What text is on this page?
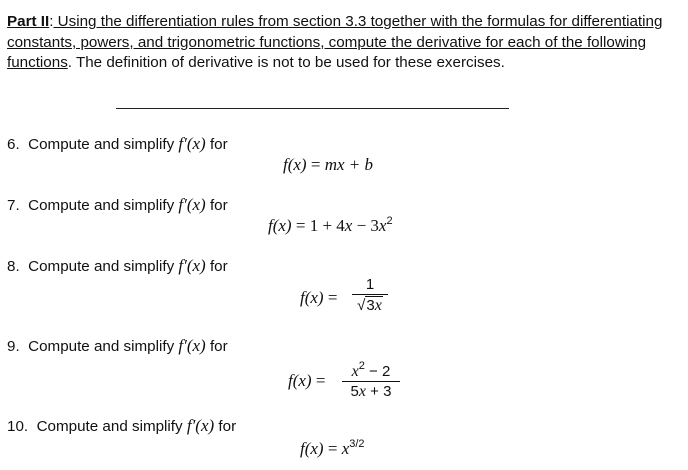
Part II: Using the differentiation rules from section 3.3 together with the formulas for differentiating constants, powers, and trigonometric functions, compute the derivative for each of the following functions. The definition of derivative is not to be used for these exercises.
6. Compute and simplify f′(x) for
f(x) = mx + b
7. Compute and simplify f′(x) for
$f(x) = 1 + 4x - 3x^2$
8. Compute and simplify f′(x) for
f(x) =
1
√3x
9. Compute and simplify f′(x) for
f(x) =	$x^2 - 2$
5x + 3
10. Compute and simplify f′(x) for
$f(x) = x^{3/2}$
